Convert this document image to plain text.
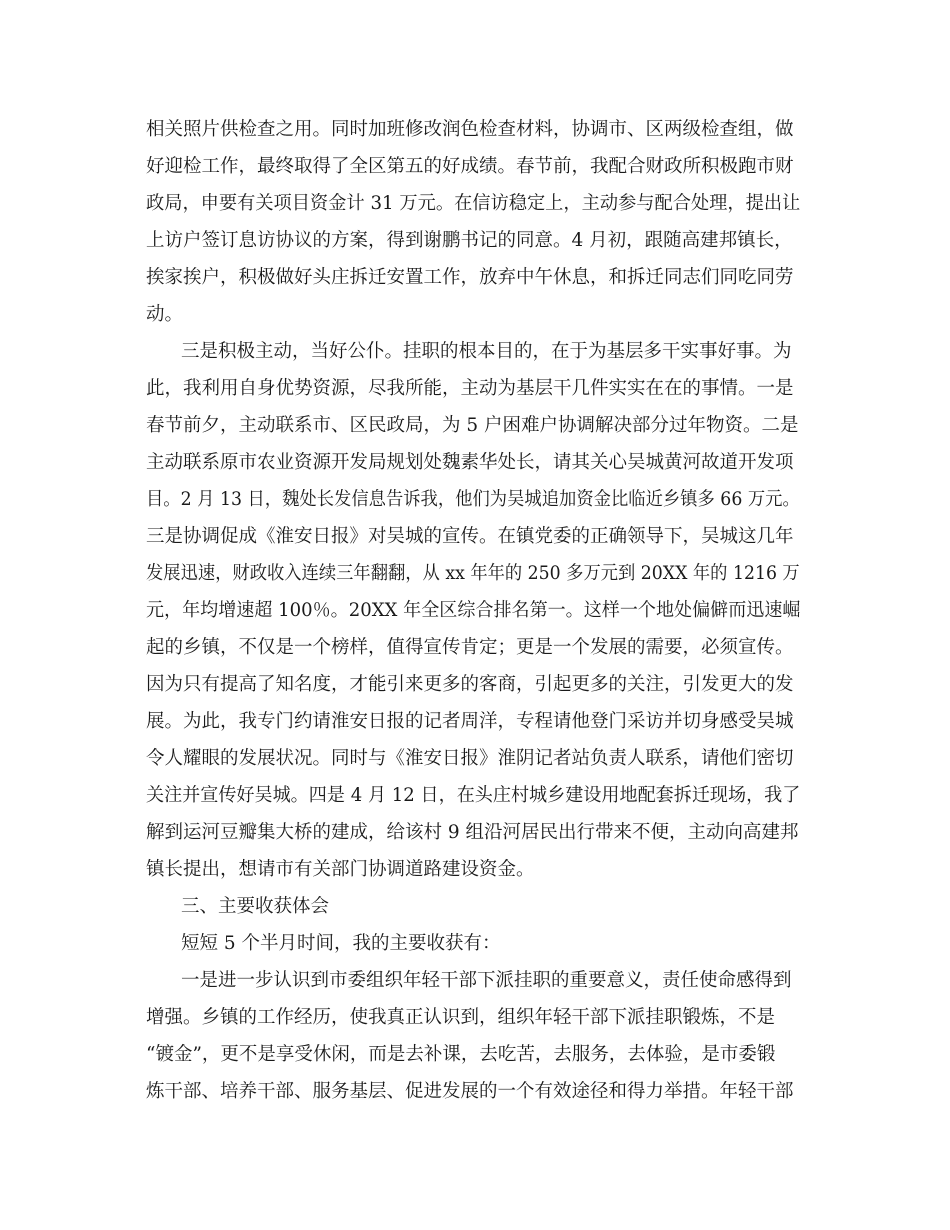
相关照片供检查之用。同时加班修改润色检查材料，协调市、区两级检查组，做
好迎检工作，最终取得了全区第五的好成绩。春节前，我配合财政所积极跑市财
政局，申要有关项目资金计 31 万元。在信访稳定上，主动参与配合处理，提出让
上访户签订息访协议的方案，得到谢鹏书记的同意。4 月初，跟随高建邦镇长，
挨家挨户，积极做好头庄拆迁安置工作，放弃中午休息，和拆迁同志们同吃同劳
动。
三是积极主动，当好公仆。挂职的根本目的，在于为基层多干实事好事。为
此，我利用自身优势资源，尽我所能，主动为基层干几件实实在在的事情。一是
春节前夕，主动联系市、区民政局，为 5 户困难户协调解决部分过年物资。二是
主动联系原市农业资源开发局规划处魏素华处长，请其关心吴城黄河故道开发项
目。2 月 13 日，魏处长发信息告诉我，他们为吴城追加资金比临近乡镇多 66 万元。
三是协调促成《淮安日报》对吴城的宣传。在镇党委的正确领导下，吴城这几年
发展迅速，财政收入连续三年翻翻，从 xx 年年的 250 多万元到 20XX 年的 1216 万
元，年均增速超 100％。20XX 年全区综合排名第一。这样一个地处偏僻而迅速崛
起的乡镇，不仅是一个榜样，值得宣传肯定；更是一个发展的需要，必须宣传。
因为只有提高了知名度，才能引来更多的客商，引起更多的关注，引发更大的发
展。为此，我专门约请淮安日报的记者周洋，专程请他登门采访并切身感受吴城
令人耀眼的发展状况。同时与《淮安日报》淮阴记者站负责人联系，请他们密切
关注并宣传好吴城。四是 4 月 12 日，在头庄村城乡建设用地配套拆迁现场，我了
解到运河豆瓣集大桥的建成，给该村 9 组沿河居民出行带来不便，主动向高建邦
镇长提出，想请市有关部门协调道路建设资金。
三、主要收获体会
短短 5 个半月时间，我的主要收获有：
一是进一步认识到市委组织年轻干部下派挂职的重要意义，责任使命感得到
增强。乡镇的工作经历，使我真正认识到，组织年轻干部下派挂职锻炼，不是
“镀金”，更不是享受休闲，而是去补课，去吃苦，去服务，去体验，是市委锻
炼干部、培养干部、服务基层、促进发展的一个有效途径和得力举措。年轻干部
